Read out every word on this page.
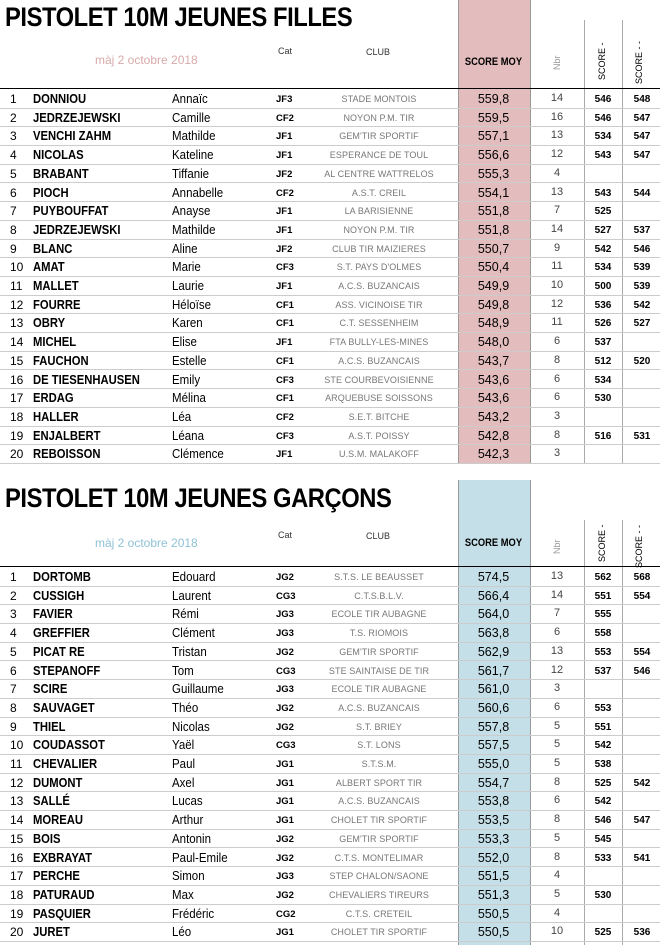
PISTOLET 10M JEUNES FILLES
màj 2 octobre 2018
Cat	CLUB
SCORE MOY	Nbr	SCORE -	SCORE - -
1 DONNIOU	Annaïc	JF3	STADE MONTOIS	559,8	14	546	548
2 JEDRZEJEWSKI	Camille	CF2	NOYON P.M. TIR	559,5	16	546	547
3 VENCHI ZAHM	Mathilde	JF1	GEM'TIR SPORTIF	557,1	13	534	547
4 NICOLAS	Kateline	JF1	ESPERANCE DE TOUL	556,6	12	543	547
5 BRABANT	Tiffanie	JF2	AL CENTRE WATTRELOS	555,3	4
6 PIOCH	Annabelle	CF2	A.S.T. CREIL	554,1	13	543	544
7 PUYBOUFFAT	Anayse	JF1	LA BARISIENNE	551,8	7	525
8 JEDRZEJEWSKI	Mathilde	JF1	NOYON P.M. TIR	551,8	14	527	537
9 BLANC	Aline	JF2	CLUB TIR MAIZIERES	550,7	9	542	546
10 AMAT	Marie	CF3	S.T. PAYS D'OLMES	550,4	11	534	539
11 MALLET	Laurie	JF1	A.C.S. BUZANCAIS	549,9	10	500	539
12 FOURRE	Héloïse	CF1	ASS. VICINOISE TIR	549,8	12	536	542
13 OBRY	Karen	CF1	C.T. SESSENHEIM	548,9	11	526	527
14 MICHEL	Elise	JF1	FTA BULLY-LES-MINES	548,0	6	537
15 FAUCHON	Estelle	CF1	A.C.S. BUZANCAIS	543,7	8	512	520
16 DE TIESENHAUSEN	Emily	CF3	STE COURBEVOISIENNE	543,6	6	534
17 ERDAG	Mélina	CF1	ARQUEBUSE SOISSONS	543,6	6	530
18 HALLER	Léa	CF2	S.E.T. BITCHE	543,2	3
19 ENJALBERT	Léana	CF3	A.S.T. POISSY	542,8	8	516	531
20 REBOISSON	Clémence	JF1	U.S.M. MALAKOFF	542,3	3
PISTOLET 10M JEUNES GARÇONS
màj 2 octobre 2018
Cat	CLUB
SCORE MOY	Nbr	SCORE -	SCORE - -
1 DORTOMB	Edouard	JG2	S.T.S. LE BEAUSSET	574,5	13	562	568
2 CUSSIGH	Laurent	CG3	C.T.S.B.L.V.	566,4	14	551	554
3 FAVIER	Rémi	JG3	ECOLE TIR AUBAGNE	564,0	7	555
4 GREFFIER	Clément	JG3	T.S. RIOMOIS	563,8	6	558
5 PICAT RE	Tristan	JG2	GEM'TIR SPORTIF	562,9	13	553	554
6 STEPANOFF	Tom	CG3	STE SAINTAISE DE TIR	561,7	12	537	546
7 SCIRE	Guillaume	JG3	ECOLE TIR AUBAGNE	561,0	3
8 SAUVAGET	Théo	JG2	A.C.S. BUZANCAIS	560,6	6	553
9 THIEL	Nicolas	JG2	S.T. BRIEY	557,8	5	551
10 COUDASSOT	Yaël	CG3	S.T. LONS	557,5	5	542
11 CHEVALIER	Paul	JG1	S.T.S.M.	555,0	5	538
12 DUMONT	Axel	JG1	ALBERT SPORT TIR	554,7	8	525	542
13 SALLÉ	Lucas	JG1	A.C.S. BUZANCAIS	553,8	6	542
14 MOREAU	Arthur	JG1	CHOLET TIR SPORTIF	553,5	8	546	547
15 BOIS	Antonin	JG2	GEM'TIR SPORTIF	553,3	5	545
16 EXBRAYAT	Paul-Emile	JG2	C.T.S. MONTELIMAR	552,0	8	533	541
17 PERCHE	Simon	JG3	STEP CHALON/SAONE	551,5	4
18 PATURAUD	Max	JG2	CHEVALIERS TIREURS	551,3	5	530
19 PASQUIER	Frédéric	CG2	C.T.S. CRETEIL	550,5	4
20 JURET	Léo	JG1	CHOLET TIR SPORTIF	550,5	10	525	536
